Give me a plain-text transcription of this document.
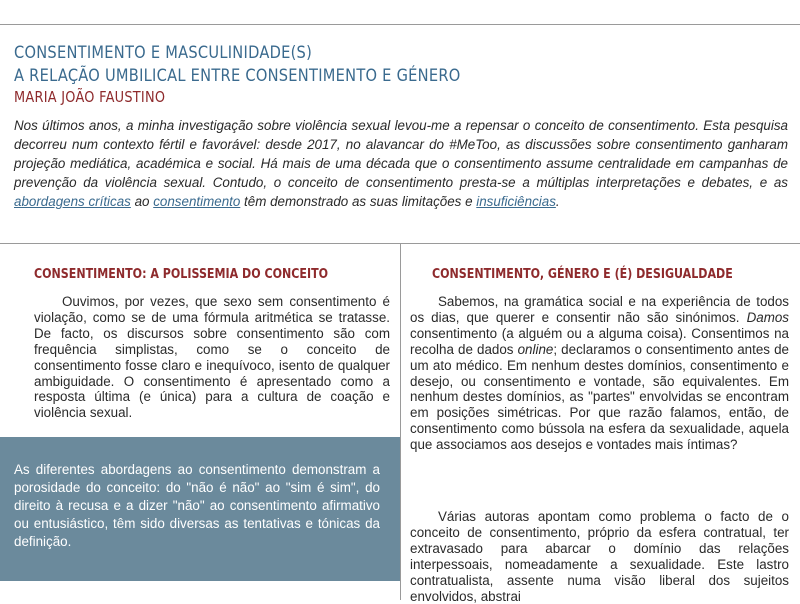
CONSENTIMENTO E MASCULINIDADE(S)
A RELAÇÃO UMBILICAL ENTRE CONSENTIMENTO E GÉNERO

MARIA JOÃO FAUSTINO

Nos últimos anos, a minha investigação sobre violência sexual levou-me a repensar o conceito de consentimento. Esta pesquisa decorreu num contexto fértil e favorável: desde 2017, no alavancar do #MeToo, as discussões sobre consentimento ganharam projeção mediática, académica e social. Há mais de uma década que o consentimento assume centralidade em campanhas de prevenção da violência sexual. Contudo, o conceito de consentimento presta-se a múltiplas interpretações e debates, e as abordagens críticas ao consentimento têm demonstrado as suas limitações e insuficiências.

CONSENTIMENTO: A POLISSEMIA DO CONCEITO

Ouvimos, por vezes, que sexo sem consentimento é violação, como se de uma fórmula aritmética se tratasse. De facto, os discursos sobre consentimento são com frequência simplistas, como se o conceito de consentimento fosse claro e inequívoco, isento de qualquer ambiguidade. O consentimento é apresentado como a resposta última (e única) para a cultura de coação e violência sexual.

As diferentes abordagens ao consentimento demonstram a porosidade do conceito: do "não é não" ao "sim é sim", do direito à recusa e a dizer "não" ao consentimento afirmativo ou entusiástico, têm sido diversas as tentativas e tónicas da definição.

CONSENTIMENTO, GÉNERO E (É) DESIGUALDADE

Sabemos, na gramática social e na experiência de todos os dias, que querer e consentir não são sinónimos. Damos consentimento (a alguém ou a alguma coisa). Consentimos na recolha de dados online; declaramos o consentimento antes de um ato médico. Em nenhum destes domínios, consentimento e desejo, ou consentimento e vontade, são equivalentes. Em nenhum destes domínios, as "partes" envolvidas se encontram em posições simétricas. Por que razão falamos, então, de consentimento como bússola na esfera da sexualidade, aquela que associamos aos desejos e vontades mais íntimas?

Várias autoras apontam como problema o facto de o conceito de consentimento, próprio da esfera contratual, ter extravasado para abarcar o domínio das relações interpessoais, nomeadamente a sexualidade. Este lastro contratualista, assente numa visão liberal dos sujeitos envolvidos, abstrai
